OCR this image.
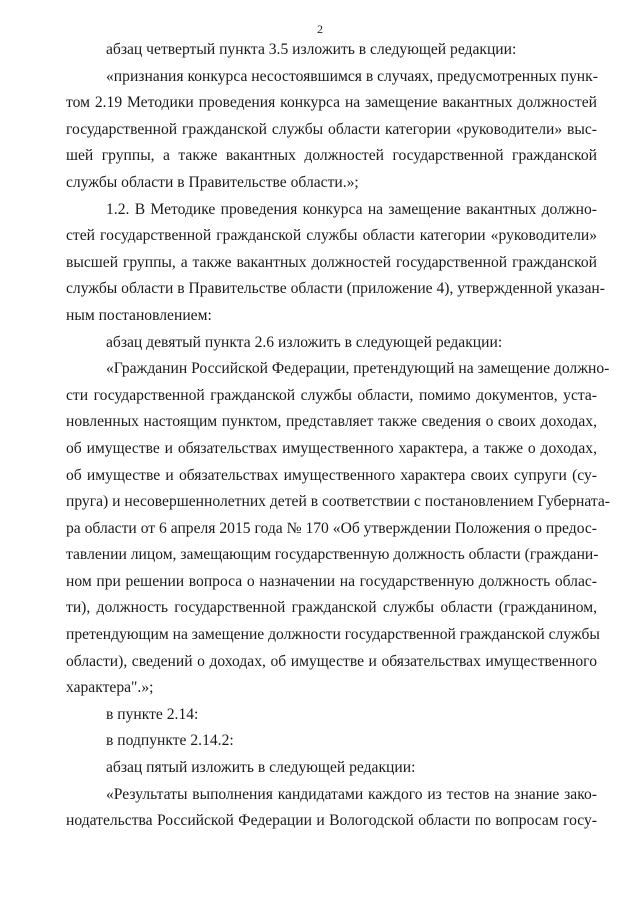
2
абзац четвертый пункта 3.5 изложить в следующей редакции:
«признания конкурса несостоявшимся в случаях, предусмотренных пунк-
том 2.19 Методики проведения конкурса на замещение вакантных должностей
государственной гражданской службы области категории «руководители» выс-
шей группы, а также вакантных должностей государственной гражданской
службы области в Правительстве области.»;
1.2. В Методике проведения конкурса на замещение вакантных должно-
стей государственной гражданской службы области категории «руководители»
высшей группы, а также вакантных должностей государственной гражданской
службы области в Правительстве области (приложение 4), утвержденной указан-
ным постановлением:
абзац девятый пункта 2.6 изложить в следующей редакции:
«Гражданин Российской Федерации, претендующий на замещение должно-
сти государственной гражданской службы области, помимо документов, уста-
новленных настоящим пунктом, представляет также сведения о своих доходах,
об имуществе и обязательствах имущественного характера, а также о доходах,
об имуществе и обязательствах имущественного характера своих супруги (су-
пруга) и несовершеннолетних детей в соответствии с постановлением Губерната-
ра области от 6 апреля 2015 года № 170 «Об утверждении Положения о предос-
тавлении лицом, замещающим государственную должность области (граждани-
ном при решении вопроса о назначении на государственную должность облас-
ти), должность государственной гражданской службы области (гражданином,
претендующим на замещение должности государственной гражданской службы
области), сведений о доходах, об имуществе и обязательствах имущественного
характера".»;
в пункте 2.14:
в подпункте 2.14.2:
абзац пятый изложить в следующей редакции:
«Результаты выполнения кандидатами каждого из тестов на знание зако-
нодательства Российской Федерации и Вологодской области по вопросам госу-
